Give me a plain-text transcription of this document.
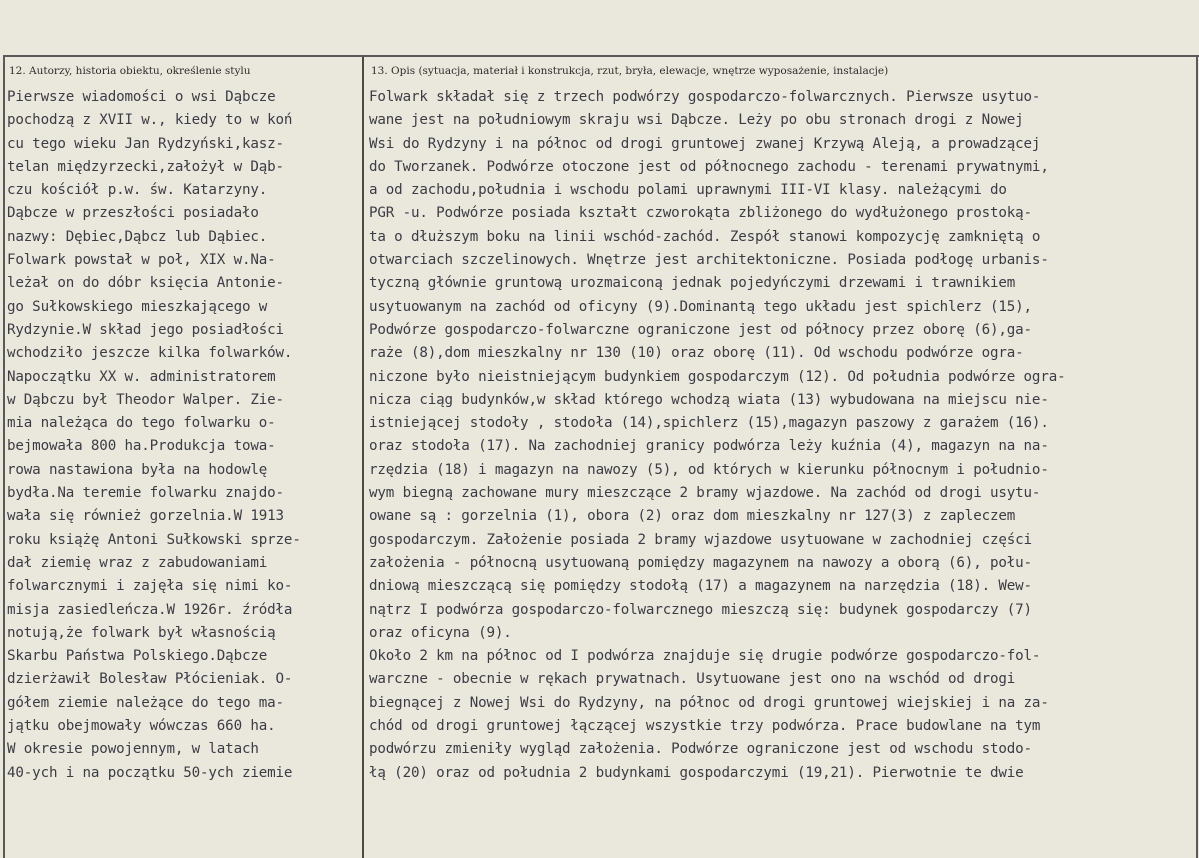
12. Autorzy, historia obiektu, określenie stylu	13. Opis (sytuacja, materiał i konstrukcja, rzut, bryła, elewacje, wnętrze wyposażenie, instalacje)
Pierwsze wiadomości o wsi Dąbcze
pochodzą z XVII w., kiedy to w koń
cu tego wieku Jan Rydzyński,kasz-
telan międzyrzecki,założył w Dąb-
czu kościół p.w. św. Katarzyny.
Dąbcze w przeszłości posiadało
nazwy: Dębiec,Dąbcz lub Dąbiec.
Folwark powstał w poł, XIX w.Na-
leżał on do dóbr księcia Antonie-
go Sułkowskiego mieszkającego w
Rydzynie.W skład jego posiadłości
wchodziło jeszcze kilka folwarków.
Napoczątku XX w. administratorem
w Dąbczu był Theodor Walper. Zie-
mia należąca do tego folwarku o-
bejmowała 800 ha.Produkcja towa-
rowa nastawiona była na hodowlę
bydła.Na teremie folwarku znajdo-
wała się również gorzelnia.W 1913
roku książę Antoni Sułkowski sprze-
dał ziemię wraz z zabudowaniami
folwarcznymi i zajęła się nimi ko-
misja zasiedleńcza.W 1926r. źródła
notują,że folwark był własnością
Skarbu Państwa Polskiego.Dąbcze
dzierżawił Bolesław Płócieniak. O-
gółem ziemie należące do tego ma-
jątku obejmowały wówczas 660 ha.
W okresie powojennym, w latach
40-ych i na początku 50-ych ziemie
Folwark składał się z trzech podwórzy gospodarczo-folwarcznych. Pierwsze usytuo-
wane jest na południowym skraju wsi Dąbcze. Leży po obu stronach drogi z Nowej
Wsi do Rydzyny i na północ od drogi gruntowej zwanej Krzywą Aleją, a prowadzącej
do Tworzanek. Podwórze otoczone jest od północnego zachodu - terenami prywatnymi,
a od zachodu,południa i wschodu polami uprawnymi III-VI klasy. należącymi do
PGR -u. Podwórze posiada kształt czworokąta zbliżonego do wydłużonego prostoką-
ta o dłuższym boku na linii wschód-zachód. Zespół stanowi kompozycję zamkniętą o
otwarciach szczelinowych. Wnętrze jest architektoniczne. Posiada podłogę urbanis-
tyczną głównie gruntową urozmaiconą jednak pojedyńczymi drzewami i trawnikiem
usytuowanym na zachód od oficyny (9).Dominantą tego układu jest spichlerz (15),
Podwórze gospodarczo-folwarczne ograniczone jest od północy przez oborę (6),ga-
raże (8),dom mieszkalny nr 130 (10) oraz oborę (11). Od wschodu podwórze ogra-
niczone było nieistniejącym budynkiem gospodarczym (12). Od południa podwórze ogra-
nicza ciąg budynków,w skład którego wchodzą wiata (13) wybudowana na miejscu nie-
istniejącej stodoły , stodoła (14),spichlerz (15),magazyn paszowy z garażem (16).
oraz stodoła (17). Na zachodniej granicy podwórza leży kuźnia (4), magazyn na na-
rzędzia (18) i magazyn na nawozy (5), od których w kierunku północnym i południo-
wym biegną zachowane mury mieszczące 2 bramy wjazdowe. Na zachód od drogi usytu-
owane są : gorzelnia (1), obora (2) oraz dom mieszkalny nr 127(3) z zapleczem
gospodarczym. Założenie posiada 2 bramy wjazdowe usytuowane w zachodniej części
założenia - północną usytuowaną pomiędzy magazynem na nawozy a oborą (6), połu-
dniową mieszczącą się pomiędzy stodołą (17) a magazynem na narzędzia (18). Wew-
nątrz I podwórza gospodarczo-folwarcznego mieszczą się: budynek gospodarczy (7)
oraz oficyna (9).
Około 2 km na północ od I podwórza znajduje się drugie podwórze gospodarczo-fol-
warczne - obecnie w rękach prywatnach. Usytuowane jest ono na wschód od drogi
biegnącej z Nowej Wsi do Rydzyny, na północ od drogi gruntowej wiejskiej i na za-
chód od drogi gruntowej łączącej wszystkie trzy podwórza. Prace budowlane na tym
podwórzu zmieniły wygląd założenia. Podwórze ograniczone jest od wschodu stodo-
łą (20) oraz od południa 2 budynkami gospodarczymi (19,21). Pierwotnie te dwie
